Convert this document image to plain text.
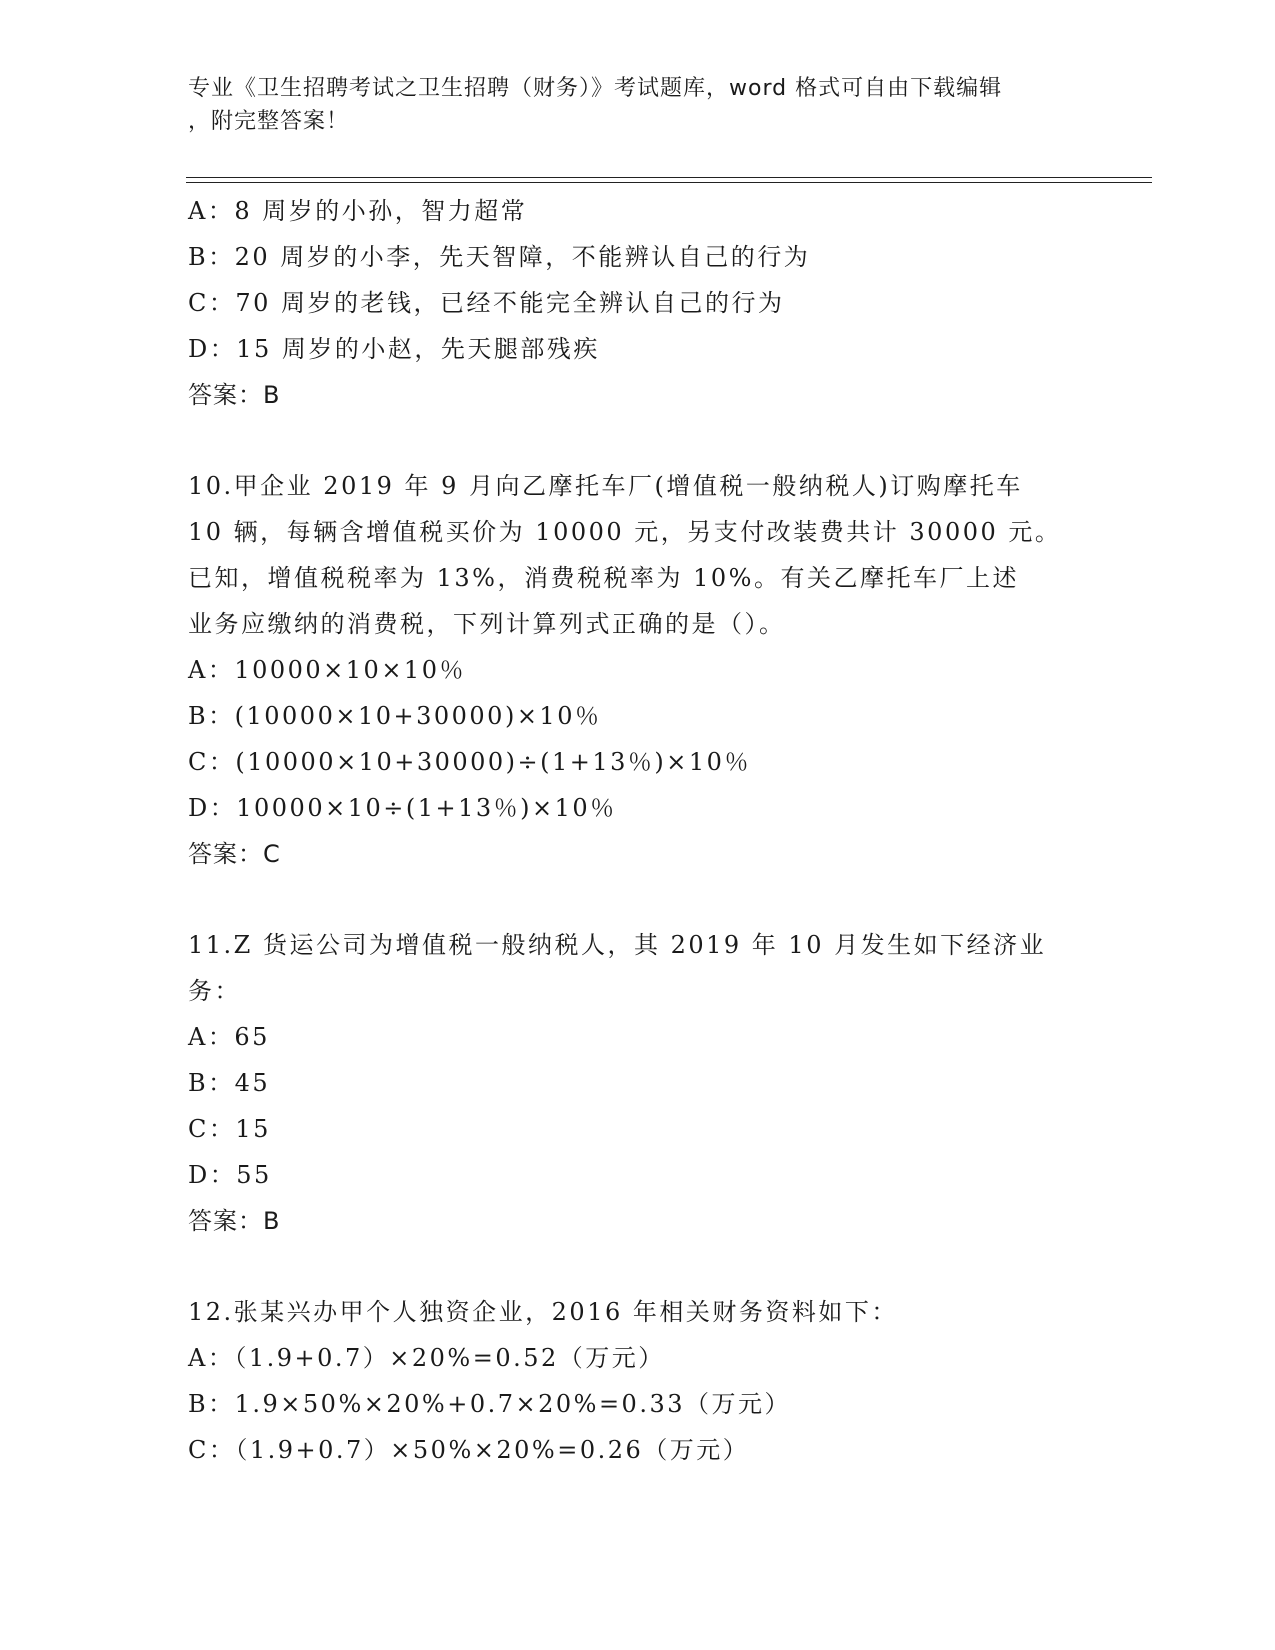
专业《卫生招聘考试之卫生招聘（财务）》考试题库，word 格式可自由下载编辑
，附完整答案！
A：8 周岁的小孙，智力超常
B：20 周岁的小李，先天智障，不能辨认自己的行为
C：70 周岁的老钱，已经不能完全辨认自己的行为
D：15 周岁的小赵，先天腿部残疾
答案：B
10.甲企业 2019 年 9 月向乙摩托车厂(增值税一般纳税人)订购摩托车
10 辆，每辆含增值税买价为 10000 元，另支付改装费共计 30000 元。
已知，增值税税率为 13%，消费税税率为 10%。有关乙摩托车厂上述
业务应缴纳的消费税，下列计算列式正确的是（）。
A：10000×10×10％
B：(10000×10+30000)×10％
C：(10000×10+30000)÷(1+13％)×10％
D：10000×10÷(1+13％)×10％
答案：C
11.Z 货运公司为增值税一般纳税人，其 2019 年 10 月发生如下经济业
务：
A：65
B：45
C：15
D：55
答案：B
12.张某兴办甲个人独资企业，2016 年相关财务资料如下：
A：（1.9+0.7）×20%=0.52（万元）
B：1.9×50%×20%+0.7×20%=0.33（万元）
C：（1.9+0.7）×50%×20%=0.26（万元）
